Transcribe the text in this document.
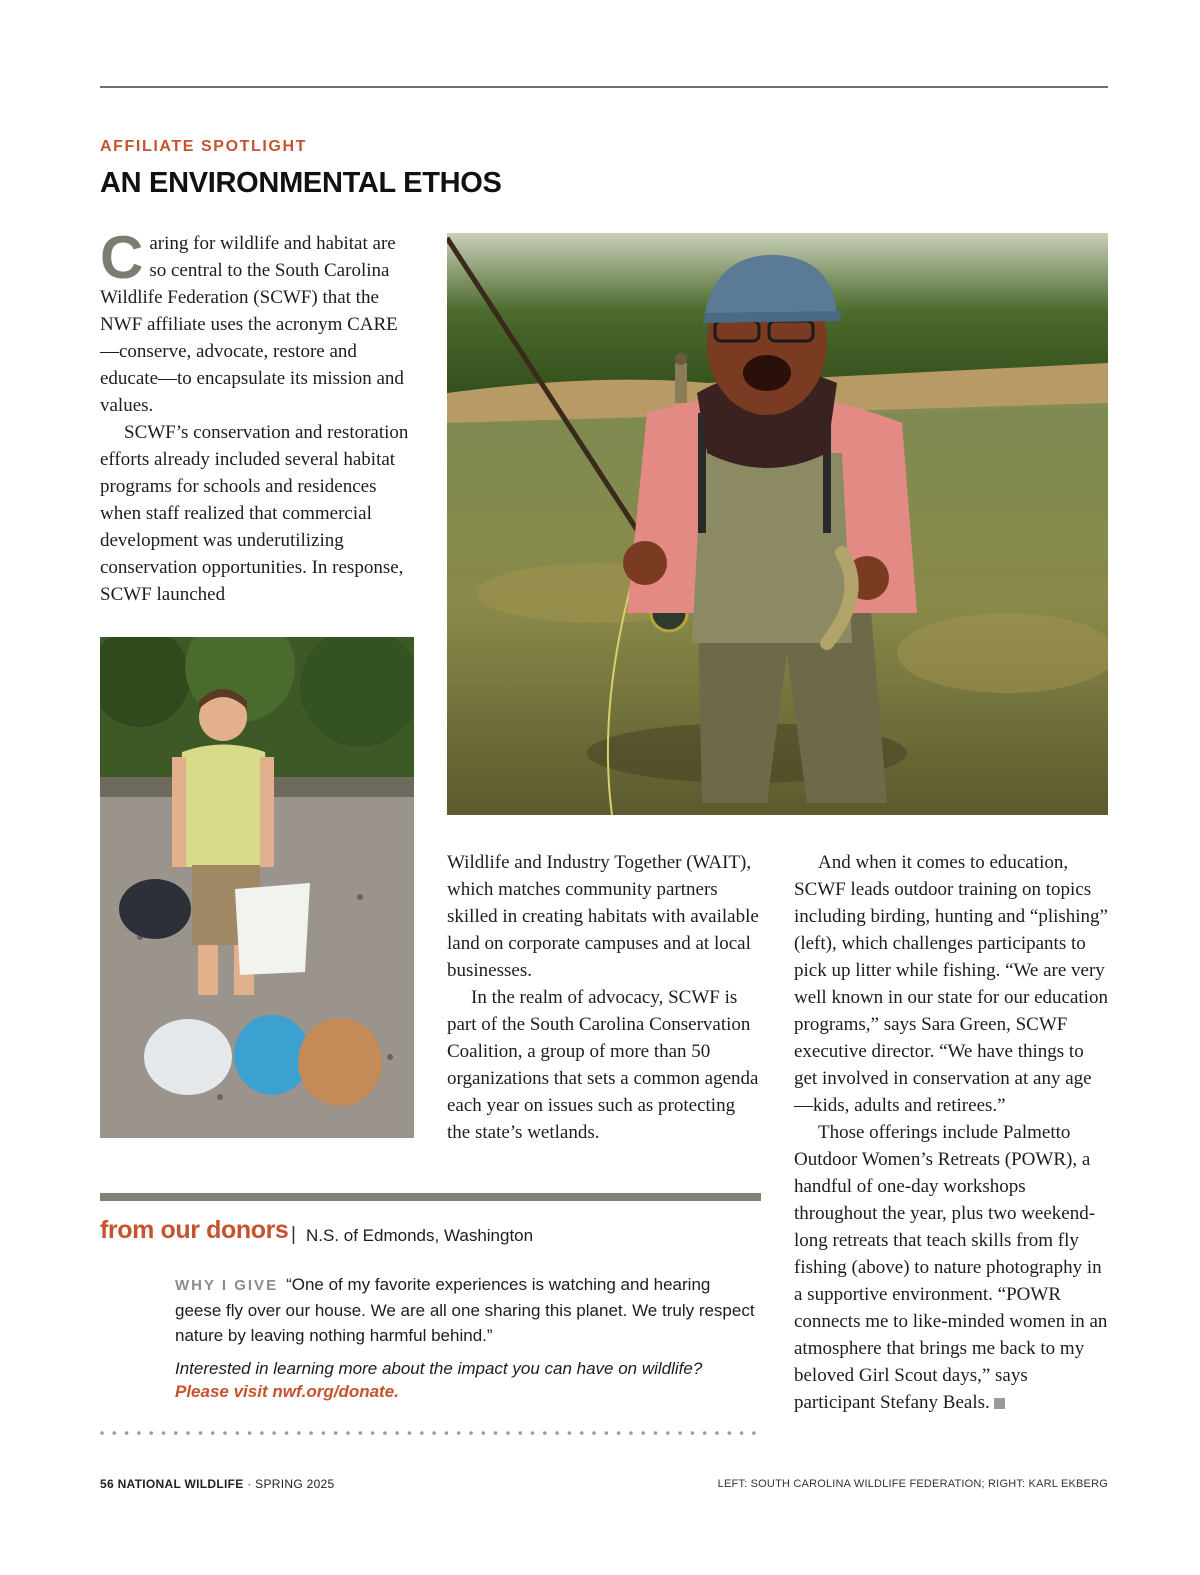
AFFILIATE SPOTLIGHT
AN ENVIRONMENTAL ETHOS

Caring for wildlife and habitat are so central to the South Carolina Wildlife Federation (SCWF) that the NWF affiliate uses the acronym CARE—conserve, advocate, restore and educate—to encapsulate its mission and values.

SCWF’s conservation and restoration efforts already included several habitat programs for schools and residences when staff realized that commercial development was underutilizing conservation opportunities. In response, SCWF launched

Wildlife and Industry Together (WAIT), which matches community partners skilled in creating habitats with available land on corporate campuses and at local businesses.

In the realm of advocacy, SCWF is part of the South Carolina Conservation Coalition, a group of more than 50 organizations that sets a common agenda each year on issues such as protecting the state’s wetlands.

And when it comes to education, SCWF leads outdoor training on topics including birding, hunting and “plishing” (left), which challenges participants to pick up litter while fishing. “We are very well known in our state for our education programs,” says Sara Green, SCWF executive director. “We have things to get involved in conservation at any age—kids, adults and retirees.”

Those offerings include Palmetto Outdoor Women’s Retreats (POWR), a handful of one-day workshops throughout the year, plus two weekend-long retreats that teach skills from fly fishing (above) to nature photography in a supportive environment. “POWR connects me to like-minded women in an atmosphere that brings me back to my beloved Girl Scout days,” says participant Stefany Beals.

from our donors | N.S. of Edmonds, Washington
WHY I GIVE “One of my favorite experiences is watching and hearing geese fly over our house. We are all one sharing this planet. We truly respect nature by leaving nothing harmful behind.”
Interested in learning more about the impact you can have on wildlife? Please visit nwf.org/donate.
56 NATIONAL WILDLIFE · SPRING 2025	LEFT: SOUTH CAROLINA WILDLIFE FEDERATION; RIGHT: KARL EKBERG
